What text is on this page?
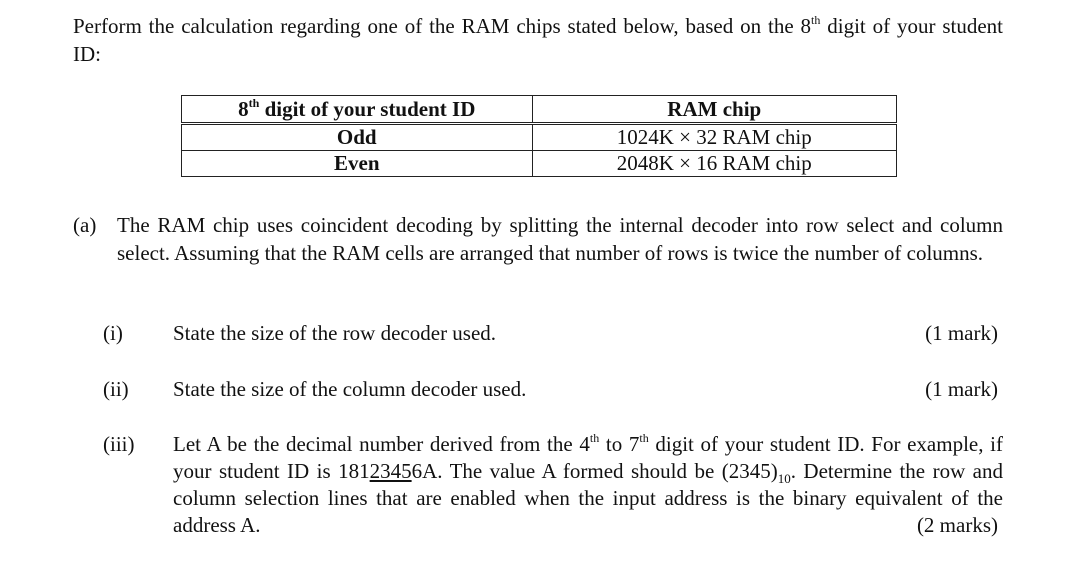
Perform the calculation regarding one of the RAM chips stated below, based on the 8th digit of your student ID:
8th digit of your student ID	RAM chip
Odd	1024K × 32 RAM chip
Even	2048K × 16 RAM chip
(a) The RAM chip uses coincident decoding by splitting the internal decoder into row select and column select. Assuming that the RAM cells are arranged that number of rows is twice the number of columns.
(i) State the size of the row decoder used.	(1 mark)
(ii) State the size of the column decoder used.	(1 mark)
(iii) Let A be the decimal number derived from the 4th to 7th digit of your student ID. For example, if your student ID is 18123456A. The value A formed should be $(2345)_{10}$. Determine the row and column selection lines that are enabled when the input address is the binary equivalent of the address A.	(2 marks)
